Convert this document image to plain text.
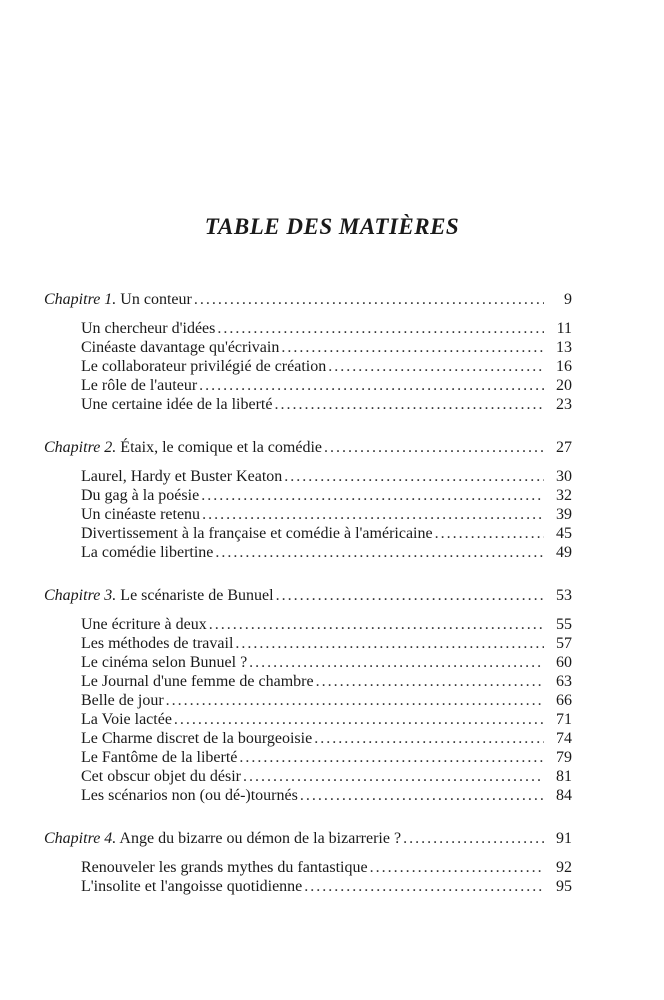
TABLE DES MATIÈRES
Chapitre 1. Un conteur . . .	9
Un chercheur d'idées . . .	11
Cinéaste davantage qu'écrivain . . .	13
Le collaborateur privilégié de création . . .	16
Le rôle de l'auteur . . .	20
Une certaine idée de la liberté . . .	23
Chapitre 2. Étaix, le comique et la comédie . . .	27
Laurel, Hardy et Buster Keaton . . .	30
Du gag à la poésie . . .	32
Un cinéaste retenu . . .	39
Divertissement à la française et comédie à l'américaine . . .	45
La comédie libertine . . .	49
Chapitre 3. Le scénariste de Bunuel . . .	53
Une écriture à deux . . .	55
Les méthodes de travail . . .	57
Le cinéma selon Bunuel ? . . .	60
Le Journal d'une femme de chambre . . .	63
Belle de jour . . .	66
La Voie lactée . . .	71
Le Charme discret de la bourgeoisie . . .	74
Le Fantôme de la liberté . . .	79
Cet obscur objet du désir . . .	81
Les scénarios non (ou dé-)tournés . . .	84
Chapitre 4. Ange du bizarre ou démon de la bizarrerie ? . . .	91
Renouveler les grands mythes du fantastique . . .	92
L'insolite et l'angoisse quotidienne . . .	95
